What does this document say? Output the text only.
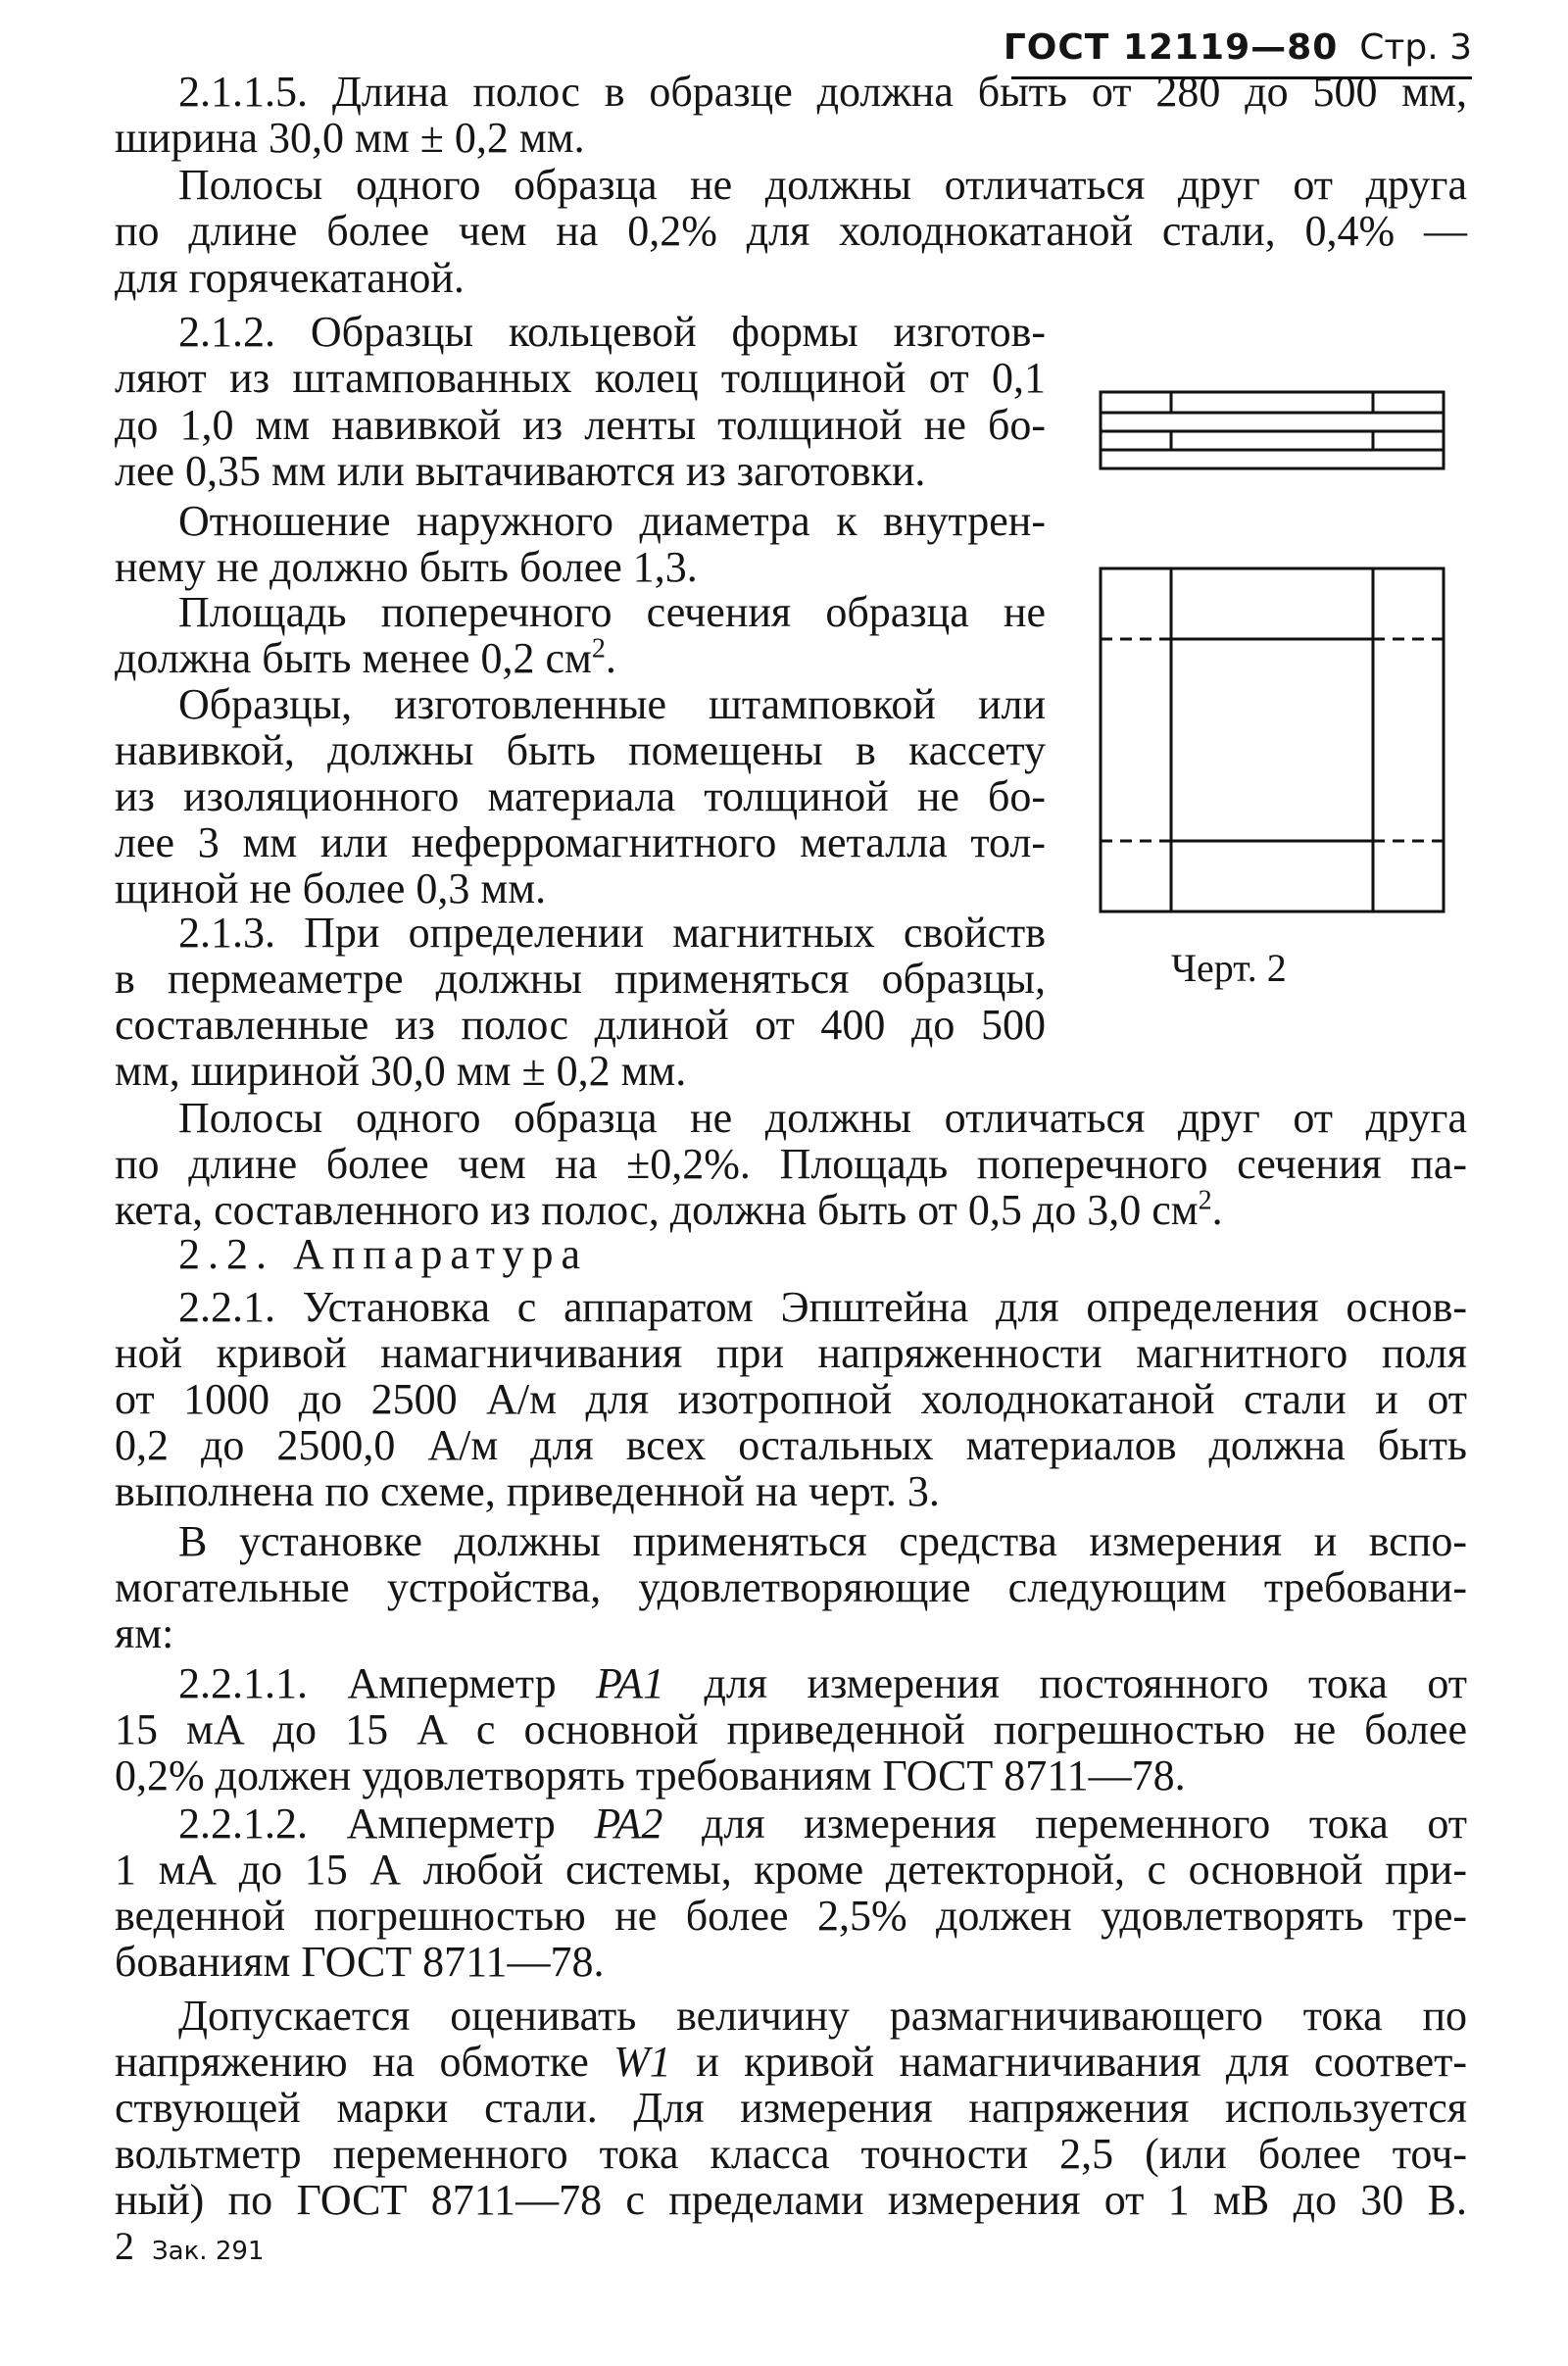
ГОСТ 12119—80 Стр. 3

2.1.1.5. Длина полос в образце должна быть от 280 до 500 мм,

ширина 30,0 мм ± 0,2 мм.

Полосы одного образца не должны отличаться друг от друга

по длине более чем на 0,2% для холоднокатаной стали, 0,4% —

для горячекатаной.

2.1.2. Образцы кольцевой формы изготов-

ляют из штампованных колец толщиной от 0,1

до 1,0 мм навивкой из ленты толщиной не бо-

лее 0,35 мм или вытачиваются из заготовки.

Отношение наружного диаметра к внутрен-

нему не должно быть более 1,3.

Площадь поперечного сечения образца не

должна быть менее 0,2 $см^2$.

Образцы, изготовленные штамповкой или

навивкой, должны быть помещены в кассету

из изоляционного материала толщиной не бо-

лее 3 мм или неферромагнитного металла тол-

щиной не более 0,3 мм.

2.1.3. При определении магнитных свойств

в пермеаметре должны применяться образцы,

составленные из полос длиной от 400 до 500

мм, шириной 30,0 мм ± 0,2 мм.

Полосы одного образца не должны отличаться друг от друга

по длине более чем на ±0,2%. Площадь поперечного сечения па-

кета, составленного из полос, должна быть от 0,5 до 3,0 $см^2$.

2.2. Аппаратура

2.2.1. Установка с аппаратом Эпштейна для определения основ-

ной кривой намагничивания при напряженности магнитного поля

от 1000 до 2500 А/м для изотропной холоднокатаной стали и от

0,2 до 2500,0 А/м для всех остальных материалов должна быть

выполнена по схеме, приведенной на черт. 3.

В установке должны применяться средства измерения и вспо-

могательные устройства, удовлетворяющие следующим требовани-

ям:

2.2.1.1. Амперметр PA1 для измерения постоянного тока от

15 мА до 15 А с основной приведенной погрешностью не более

0,2% должен удовлетворять требованиям ГОСТ 8711—78.

2.2.1.2. Амперметр PA2 для измерения переменного тока от

1 мА до 15 А любой системы, кроме детекторной, с основной при-

веденной погрешностью не более 2,5% должен удовлетворять тре-

бованиям ГОСТ 8711—78.

Допускается оценивать величину размагничивающего тока по

напряжению на обмотке W1 и кривой намагничивания для соответ-

ствующей марки стали. Для измерения напряжения используется

вольтметр переменного тока класса точности 2,5 (или более точ-

ный) по ГОСТ 8711—78 с пределами измерения от 1 мВ до 30 В.

Черт. 2
2 Зак. 291
